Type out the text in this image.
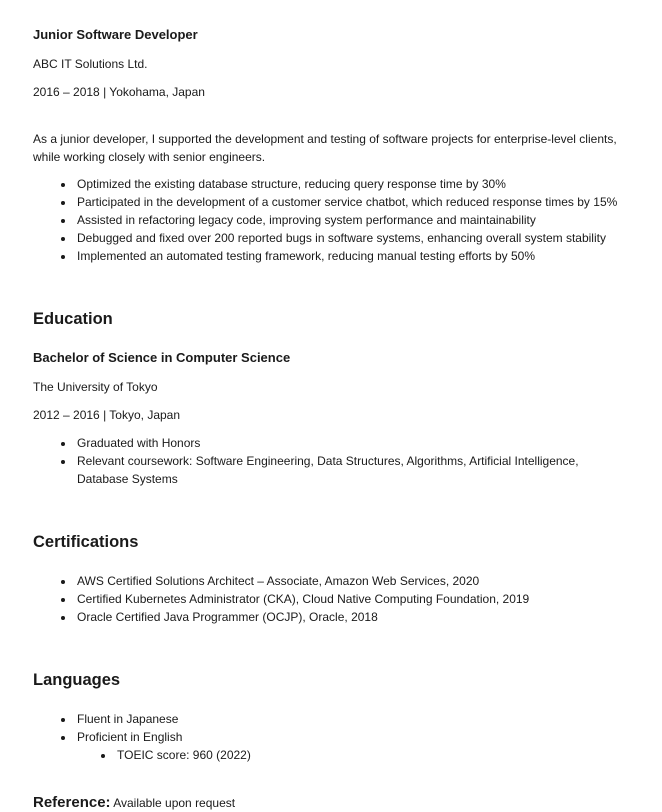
Junior Software Developer

ABC IT Solutions Ltd.

2016 – 2018 | Yokohama, Japan

As a junior developer, I supported the development and testing of software projects for enterprise-level clients, while working closely with senior engineers.

• Optimized the existing database structure, reducing query response time by 30%
• Participated in the development of a customer service chatbot, which reduced response times by 15%
• Assisted in refactoring legacy code, improving system performance and maintainability
• Debugged and fixed over 200 reported bugs in software systems, enhancing overall system stability
• Implemented an automated testing framework, reducing manual testing efforts by 50%
Education

Bachelor of Science in Computer Science

The University of Tokyo

2012 – 2016 | Tokyo, Japan

• Graduated with Honors
• Relevant coursework: Software Engineering, Data Structures, Algorithms, Artificial Intelligence, Database Systems
Certifications
• AWS Certified Solutions Architect – Associate, Amazon Web Services, 2020
• Certified Kubernetes Administrator (CKA), Cloud Native Computing Foundation, 2019
• Oracle Certified Java Programmer (OCJP), Oracle, 2018
Languages
• Fluent in Japanese
• Proficient in English
• TOEIC score: 960 (2022)

Reference: Available upon request
